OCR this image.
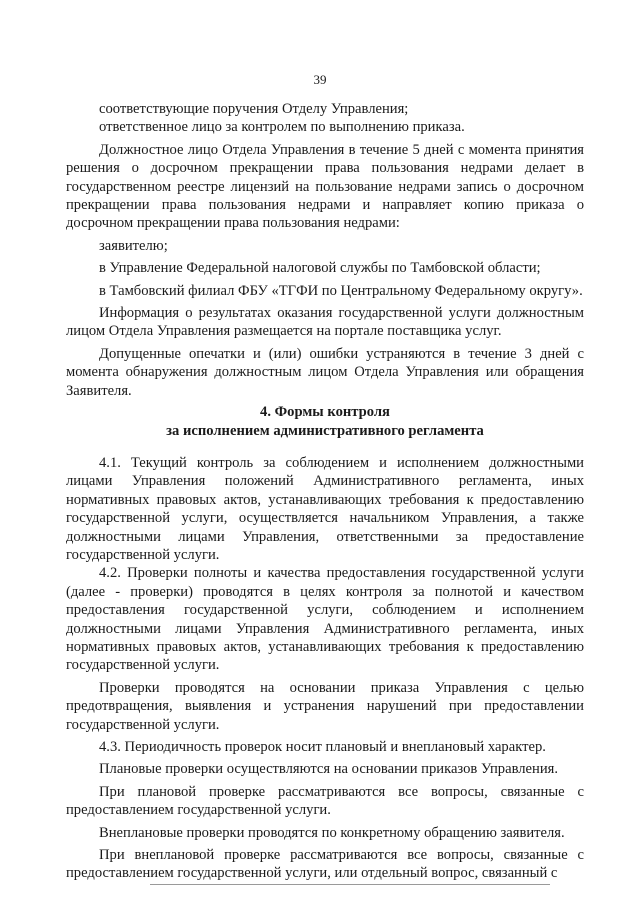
39

соответствующие поручения Отделу Управления;

ответственное лицо за контролем по выполнению приказа.

Должностное лицо Отдела Управления в течение 5 дней с момента принятия решения о досрочном прекращении права пользования недрами делает в государственном реестре лицензий на пользование недрами запись о досрочном прекращении права пользования недрами и направляет копию приказа о досрочном прекращении права пользования недрами:

заявителю;

в Управление Федеральной налоговой службы по Тамбовской области;

в Тамбовский филиал ФБУ «ТГФИ по Центральному Федеральному округу».

Информация о результатах оказания государственной услуги должностным лицом Отдела Управления размещается на портале поставщика услуг.

Допущенные опечатки и (или) ошибки устраняются в течение 3 дней с момента обнаружения должностным лицом Отдела Управления или обращения Заявителя.

4. Формы контроля
за исполнением административного регламента

4.1. Текущий контроль за соблюдением и исполнением должностными лицами Управления положений Административного регламента, иных нормативных правовых актов, устанавливающих требования к предоставлению государственной услуги, осуществляется начальником Управления, а также должностными лицами Управления, ответственными за предоставление государственной услуги.

4.2. Проверки полноты и качества предоставления государственной услуги (далее - проверки) проводятся в целях контроля за полнотой и качеством предоставления государственной услуги, соблюдением и исполнением должностными лицами Управления Административного регламента, иных нормативных правовых актов, устанавливающих требования к предоставлению государственной услуги.

Проверки проводятся на основании приказа Управления с целью предотвращения, выявления и устранения нарушений при предоставлении государственной услуги.

4.3. Периодичность проверок носит плановый и внеплановый характер.

Плановые проверки осуществляются на основании приказов Управления.

При плановой проверке рассматриваются все вопросы, связанные с предоставлением государственной услуги.

Внеплановые проверки проводятся по конкретному обращению заявителя.

При внеплановой проверке рассматриваются все вопросы, связанные с предоставлением государственной услуги, или отдельный вопрос, связанный с
